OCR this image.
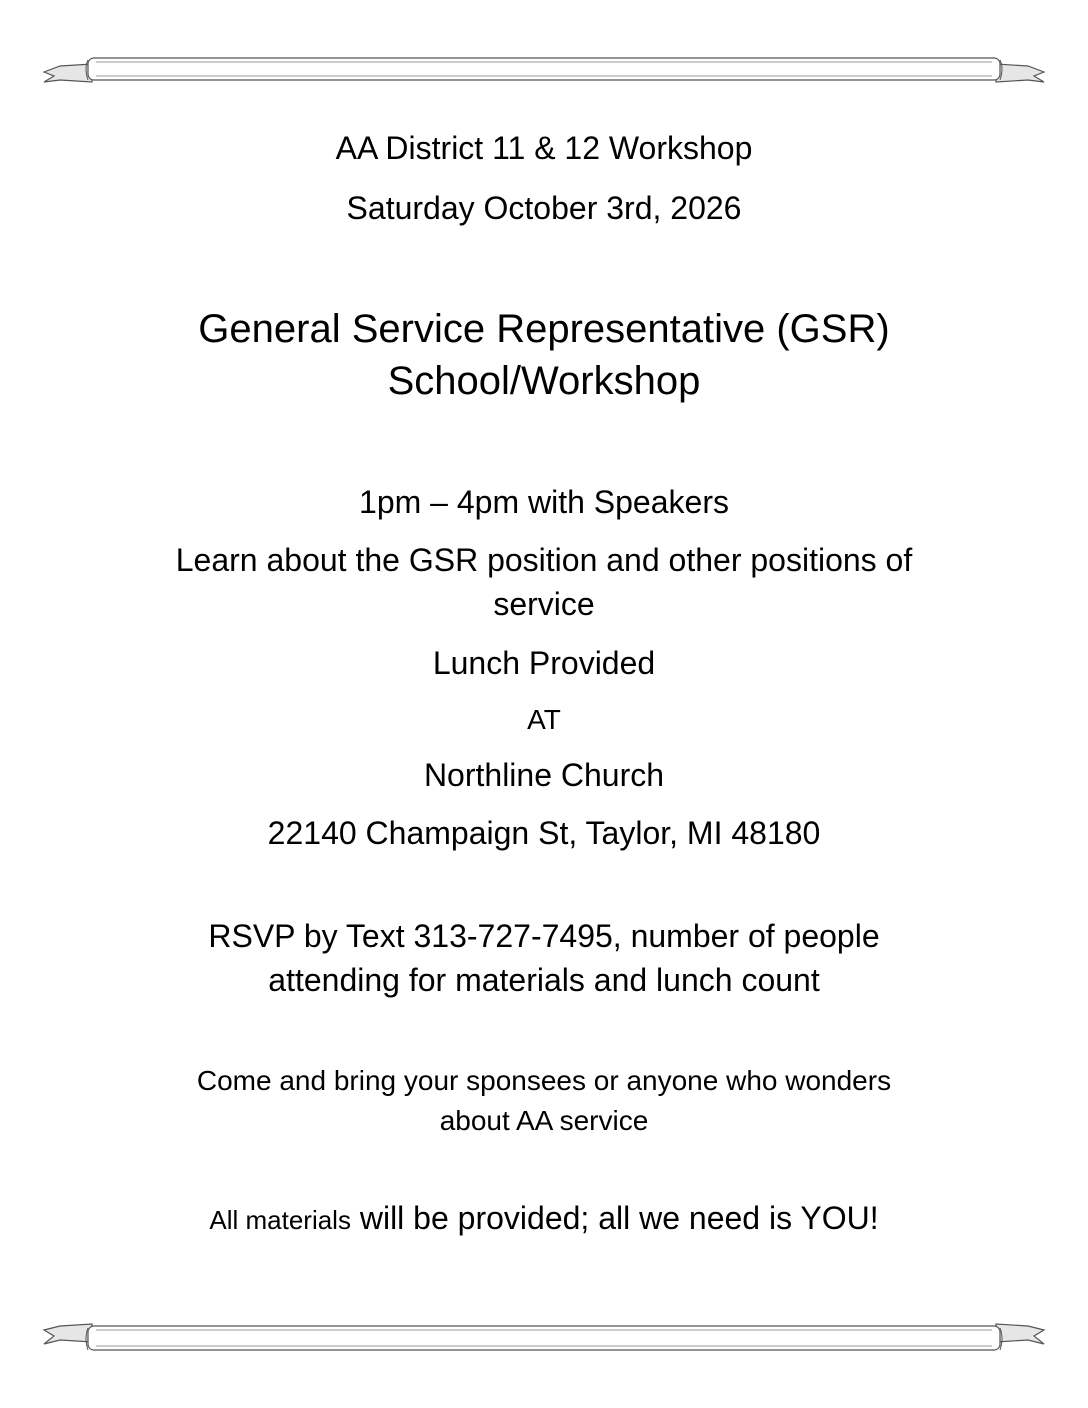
AA District 11 & 12 Workshop

Saturday October 3rd, 2026

General Service Representative (GSR)

School/Workshop

1pm – 4pm with Speakers

Learn about the GSR position and other positions of

service

Lunch Provided

AT

Northline Church

22140 Champaign St, Taylor, MI 48180

RSVP by Text 313-727-7495, number of people

attending for materials and lunch count

Come and bring your sponsees or anyone who wonders

about AA service

All materials will be provided; all we need is YOU!
